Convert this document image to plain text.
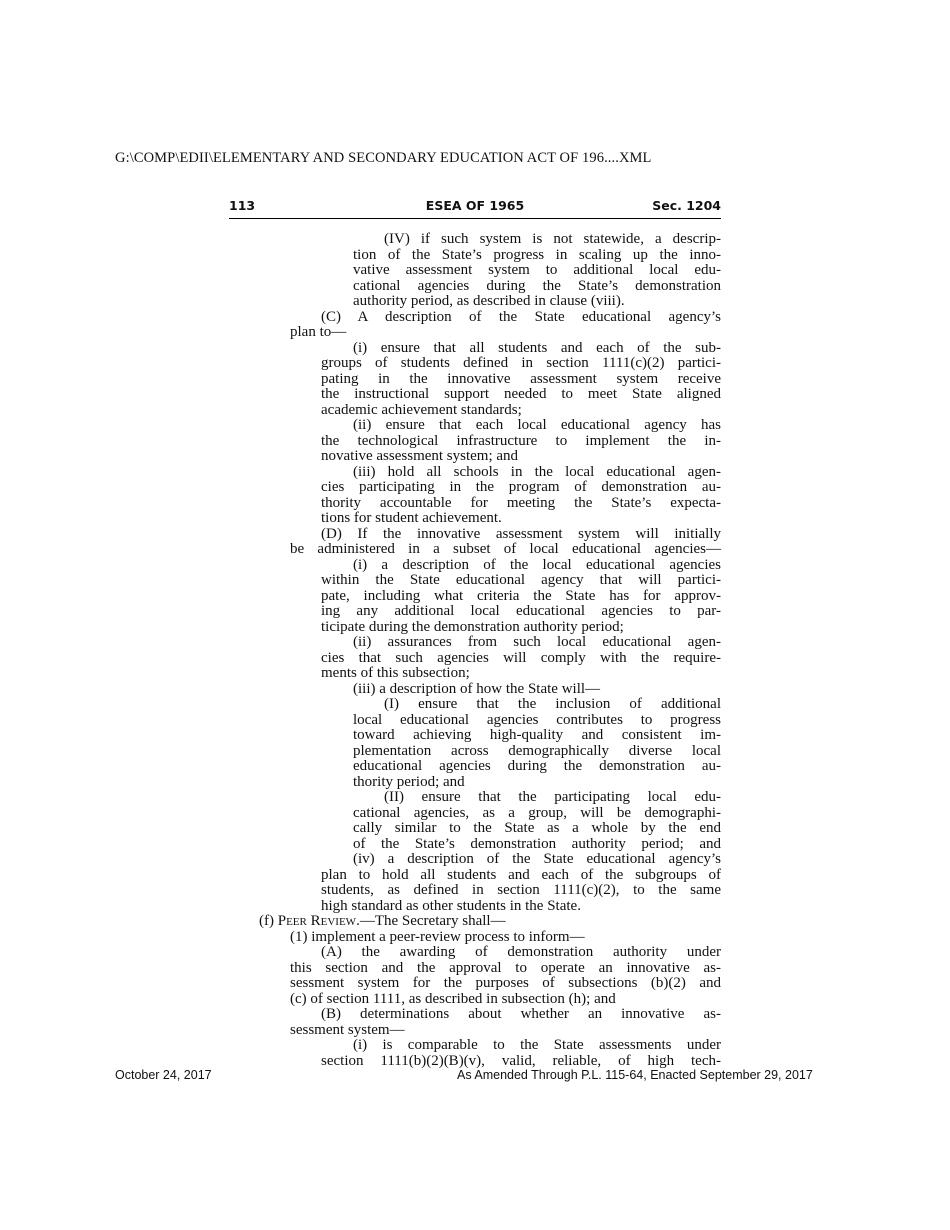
G:\COMP\EDII\ELEMENTARY AND SECONDARY EDUCATION ACT OF 196....XML
113	ESEA OF 1965	Sec. 1204
(IV) if such system is not statewide, a descrip-
tion of the State’s progress in scaling up the inno-
vative assessment system to additional local edu-
cational agencies during the State’s demonstration
authority period, as described in clause (viii).
(C) A description of the State educational agency’s
plan to—
(i) ensure that all students and each of the sub-
groups of students defined in section 1111(c)(2) partici-
pating in the innovative assessment system receive
the instructional support needed to meet State aligned
academic achievement standards;
(ii) ensure that each local educational agency has
the technological infrastructure to implement the in-
novative assessment system; and
(iii) hold all schools in the local educational agen-
cies participating in the program of demonstration au-
thority accountable for meeting the State’s expecta-
tions for student achievement.
(D) If the innovative assessment system will initially
be administered in a subset of local educational agencies—
(i) a description of the local educational agencies
within the State educational agency that will partici-
pate, including what criteria the State has for approv-
ing any additional local educational agencies to par-
ticipate during the demonstration authority period;
(ii) assurances from such local educational agen-
cies that such agencies will comply with the require-
ments of this subsection;
(iii) a description of how the State will—
(I) ensure that the inclusion of additional
local educational agencies contributes to progress
toward achieving high-quality and consistent im-
plementation across demographically diverse local
educational agencies during the demonstration au-
thority period; and
(II) ensure that the participating local edu-
cational agencies, as a group, will be demographi-
cally similar to the State as a whole by the end
of the State’s demonstration authority period; and
(iv) a description of the State educational agency’s
plan to hold all students and each of the subgroups of
students, as defined in section 1111(c)(2), to the same
high standard as other students in the State.
(f) Peer Review.—The Secretary shall—
(1) implement a peer-review process to inform—
(A) the awarding of demonstration authority under
this section and the approval to operate an innovative as-
sessment system for the purposes of subsections (b)(2) and
(c) of section 1111, as described in subsection (h); and
(B) determinations about whether an innovative as-
sessment system—
(i) is comparable to the State assessments under
section 1111(b)(2)(B)(v), valid, reliable, of high tech-
October 24, 2017	As Amended Through P.L. 115-64, Enacted September 29, 2017
